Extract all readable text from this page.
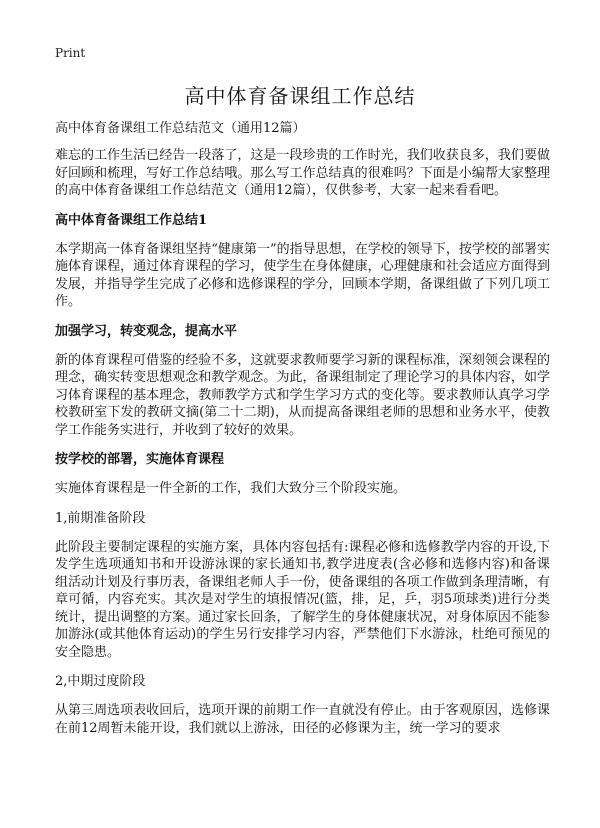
Print
高中体育备课组工作总结
高中体育备课组工作总结范文（通用12篇）

难忘的工作生活已经告一段落了，这是一段珍贵的工作时光，我们收获良多，我们要做好回顾和梳理，写好工作总结哦。那么写工作总结真的很难吗？下面是小编帮大家整理的高中体育备课组工作总结范文（通用12篇），仅供参考，大家一起来看看吧。

高中体育备课组工作总结1

本学期高一体育备课组坚持“健康第一”的指导思想，在学校的领导下，按学校的部署实施体育课程，通过体育课程的学习，使学生在身体健康，心理健康和社会适应方面得到发展，并指导学生完成了必修和选修课程的学分，回顾本学期，备课组做了下列几项工作。

加强学习，转变观念，提高水平

新的体育课程可借鉴的经验不多，这就要求教师要学习新的课程标准，深刻领会课程的理念，确实转变思想观念和教学观念。为此，备课组制定了理论学习的具体内容，如学习体育课程的基本理念，教师教学方式和学生学习方式的变化等。要求教师认真学习学校教研室下发的教研文摘(第二十二期)，从而提高备课组老师的思想和业务水平，使教学工作能务实进行，并收到了较好的效果。

按学校的部署，实施体育课程

实施体育课程是一件全新的工作，我们大致分三个阶段实施。

1,前期准备阶段

此阶段主要制定课程的实施方案，具体内容包括有:课程必修和选修教学内容的开设,下发学生选项通知书和开设游泳课的家长通知书,教学进度表(含必修和选修内容)和备课组活动计划及行事历表，备课组老师人手一份，使备课组的各项工作做到条理清晰，有章可循，内容充实。其次是对学生的填报情况(篮，排，足，乒，羽5项球类)进行分类统计，提出调整的方案。通过家长回条，了解学生的身体健康状况，对身体原因不能参加游泳(或其他体育运动)的学生另行安排学习内容，严禁他们下水游泳，杜绝可预见的安全隐患。

2,中期过度阶段

从第三周选项表收回后，选项开课的前期工作一直就没有停止。由于客观原因，选修课在前12周暂未能开设，我们就以上游泳，田径的必修课为主，统一学习的要求
